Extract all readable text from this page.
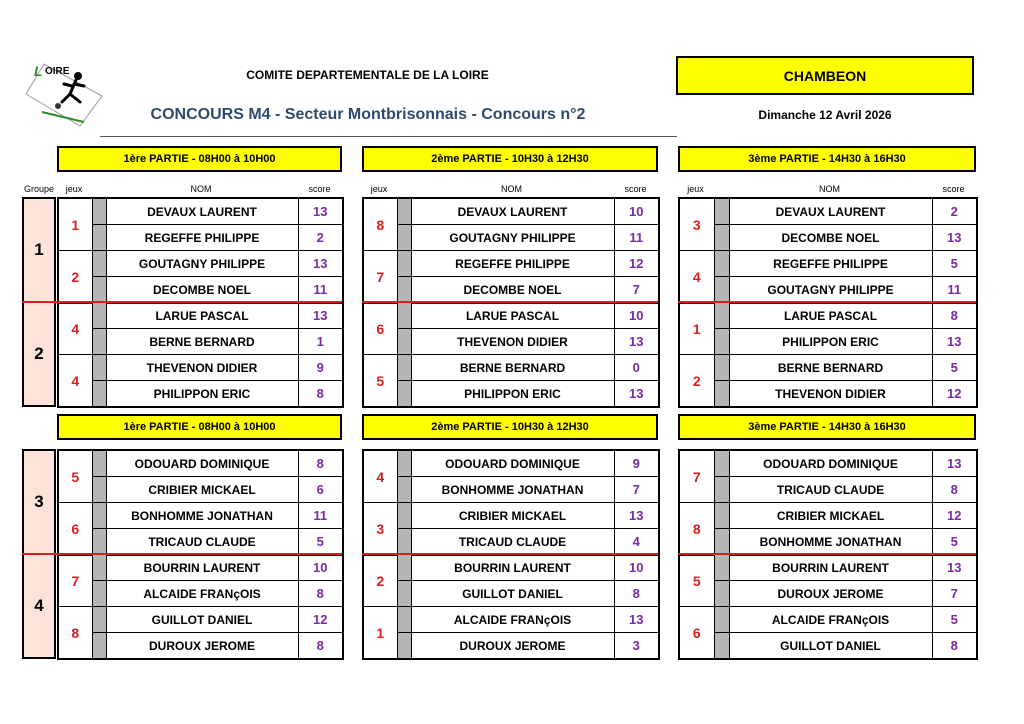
L OIRE	COMITE DEPARTEMENTALE DE LA LOIRE
CONCOURS M4 - Secteur Montbrisonnais - Concours n°2
CHAMBEON
Dimanche 12 Avril 2026
1ère PARTIE - 08H00 à 10H00	2ème PARTIE - 10H30 à 12H30	3ème PARTIE - 14H30 à 16H30
Groupe	jeux	NOM	score	jeux	NOM	score	jeux	NOM	score
1
1		DEVAUX LAURENT	13
		REGEFFE PHILIPPE	2
2		GOUTAGNY PHILIPPE	13
		DECOMBE NOEL	11
8		DEVAUX LAURENT	10
		GOUTAGNY PHILIPPE	11
7		REGEFFE PHILIPPE	12
		DECOMBE NOEL	7
3		DEVAUX LAURENT	2
		DECOMBE NOEL	13
4		REGEFFE PHILIPPE	5
		GOUTAGNY PHILIPPE	11
2
4		LARUE PASCAL	13
		BERNE BERNARD	1
4		THEVENON DIDIER	9
		PHILIPPON ERIC	8
6		LARUE PASCAL	10
		THEVENON DIDIER	13
5		BERNE BERNARD	0
		PHILIPPON ERIC	13
1		LARUE PASCAL	8
		PHILIPPON ERIC	13
2		BERNE BERNARD	5
		THEVENON DIDIER	12
1ère PARTIE - 08H00 à 10H00	2ème PARTIE - 10H30 à 12H30	3ème PARTIE - 14H30 à 16H30
3
5		ODOUARD DOMINIQUE	8
		CRIBIER MICKAEL	6
6		BONHOMME JONATHAN	11
		TRICAUD CLAUDE	5
4		ODOUARD DOMINIQUE	9
		BONHOMME JONATHAN	7
3		CRIBIER MICKAEL	13
		TRICAUD CLAUDE	4
7		ODOUARD DOMINIQUE	13
		TRICAUD CLAUDE	8
8		CRIBIER MICKAEL	12
		BONHOMME JONATHAN	5
4
7		BOURRIN LAURENT	10
		ALCAIDE FRANçOIS	8
8		GUILLOT DANIEL	12
		DUROUX JEROME	8
2		BOURRIN LAURENT	10
		GUILLOT DANIEL	8
1		ALCAIDE FRANçOIS	13
		DUROUX JEROME	3
5		BOURRIN LAURENT	13
		DUROUX JEROME	7
6		ALCAIDE FRANçOIS	5
		GUILLOT DANIEL	8
